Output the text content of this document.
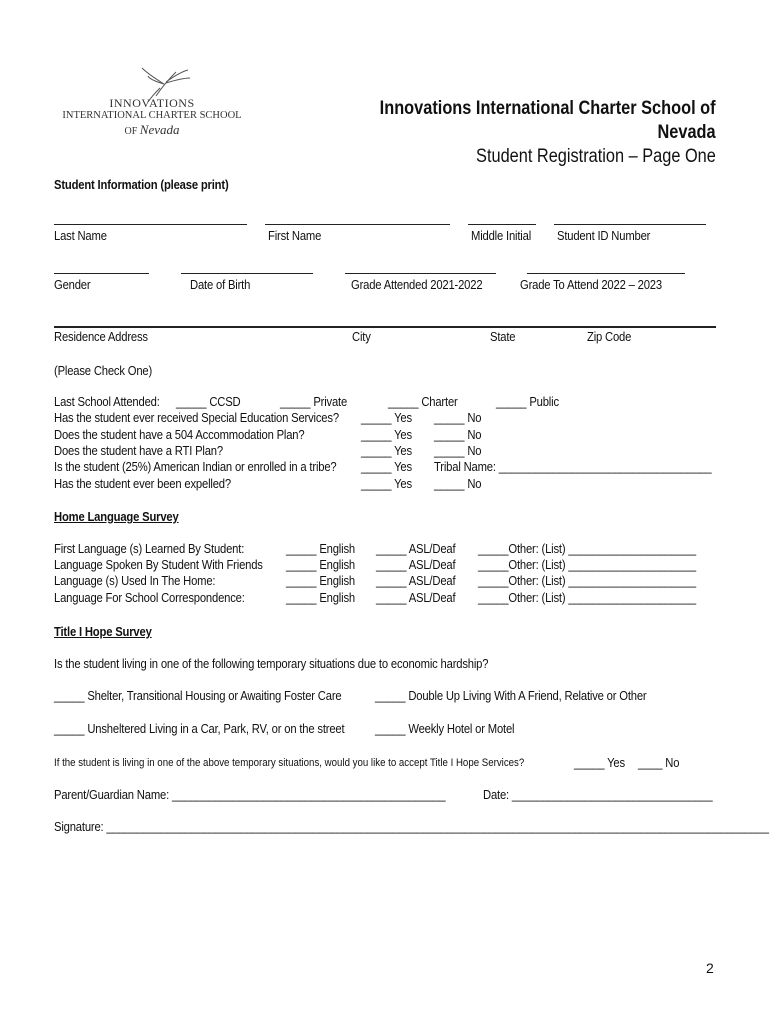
INNOVATIONS
INTERNATIONAL CHARTER SCHOOL
OF Nevada
Innovations International Charter School of
Nevada
Student Registration – Page One
Student Information (please print)
Last Name	First Name	Middle Initial Student ID Number
Gender	Date of Birth	Grade Attended 2021-2022	Grade To Attend 2022 – 2023
Residence Address	City	State	Zip Code
(Please Check One)
Last School Attended: _____ CCSD	_____ Private	_____ Charter	_____ Public
Has the student ever received Special Education Services? _____ Yes _____ No
Does the student have a 504 Accommodation Plan?	_____ Yes _____ No
Does the student have a RTI Plan?	_____ Yes _____ No
Is the student (25%) American Indian or enrolled in a tribe? _____ Yes Tribal Name: ___________________________________
Has the student ever been expelled?	_____ Yes _____ No
Home Language Survey
First Language (s) Learned By Student:	_____ English _____ ASL/Deaf _____Other: (List) _____________________
Language Spoken By Student With Friends _____ English _____ ASL/Deaf _____Other: (List) _____________________
Language (s) Used In The Home:	_____ English _____ ASL/Deaf _____Other: (List) _____________________
Language For School Correspondence:	_____ English _____ ASL/Deaf _____Other: (List) _____________________
Title I Hope Survey
Is the student living in one of the following temporary situations due to economic hardship?
_____ Shelter, Transitional Housing or Awaiting Foster Care	_____ Double Up Living With A Friend, Relative or Other
_____ Unsheltered Living in a Car, Park, RV, or on the street _____ Weekly Hotel or Motel
If the student is living in one of the above temporary situations, would you like to accept Title I Hope Services?	_____ Yes ____ No
Parent/Guardian Name: _____________________________________________	Date: _________________________________
Signature: _____________________________________________________________________________________________________________
2
